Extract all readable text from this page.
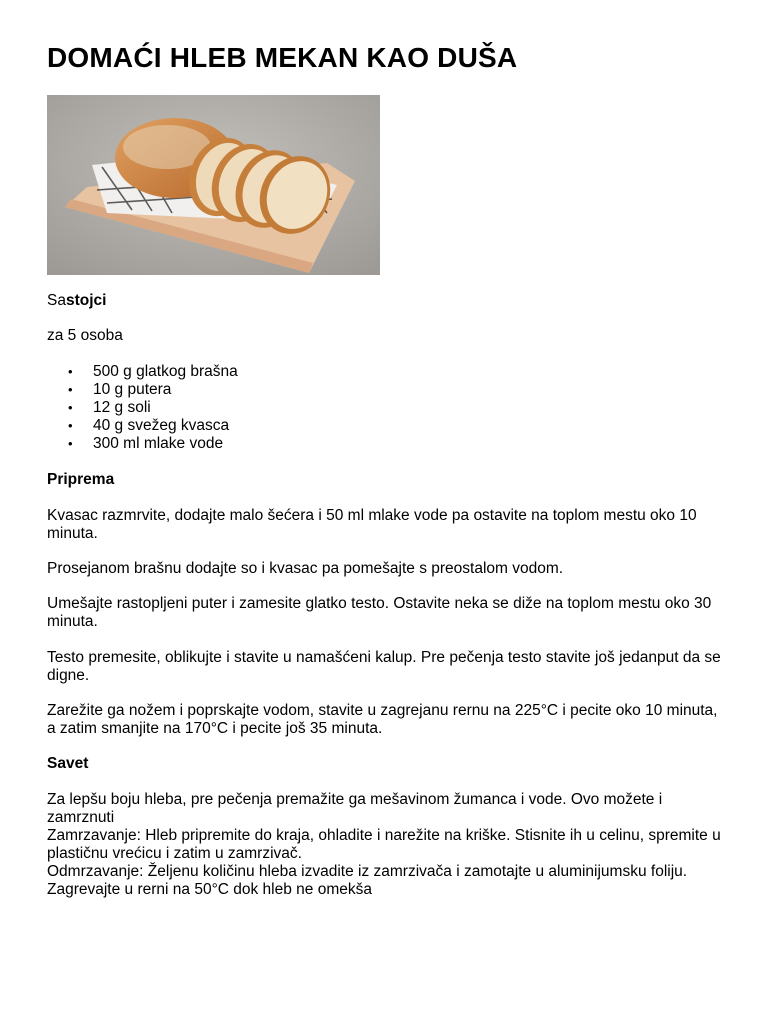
DOMAĆI HLEB MEKAN KAO DUŠA

Sastojci

za 5 osoba

• 500 g glatkog brašna
• 10 g putera
• 12 g soli
• 40 g svežeg kvasca
• 300 ml mlake vode

Priprema

Kvasac razmrvite, dodajte malo šećera i 50 ml mlake vode pa ostavite na toplom mestu oko 10 minuta.

Prosejanom brašnu dodajte so i kvasac pa pomešajte s preostalom vodom.

Umešajte rastopljeni puter i zamesite glatko testo. Ostavite neka se diže na toplom mestu oko 30 minuta.

Testo premesite, oblikujte i stavite u namašćeni kalup. Pre pečenja testo stavite još jedanput da se digne.

Zarežite ga nožem i poprskajte vodom, stavite u zagrejanu rernu na 225°C i pecite oko 10 minuta, a zatim smanjite na 170°C i pecite još 35 minuta.

Savet

Za lepšu boju hleba, pre pečenja premažite ga mešavinom žumanca i vode. Ovo možete i zamrznuti
Zamrzavanje: Hleb pripremite do kraja, ohladite i narežite na kriške. Stisnite ih u celinu, spremite u plastičnu vrećicu i zatim u zamrzivač.
Odmrzavanje: Željenu količinu hleba izvadite iz zamrzivača i zamotajte u aluminijumsku foliju. Zagrevajte u rerni na 50°C dok hleb ne omekša
